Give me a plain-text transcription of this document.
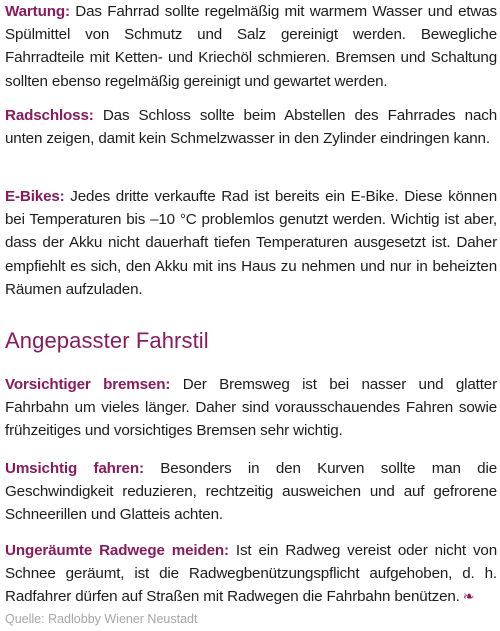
Wartung: Das Fahrrad sollte regelmäßig mit warmem Wasser und etwas Spülmittel von Schmutz und Salz gereinigt werden. Bewegliche Fahrradteile mit Ketten- und Kriechöl schmieren. Bremsen und Schaltung sollten ebenso regelmäßig gereinigt und gewartet werden.

Radschloss: Das Schloss sollte beim Abstellen des Fahrrades nach unten zeigen, damit kein Schmelzwasser in den Zylinder eindringen kann.

E-Bikes: Jedes dritte verkaufte Rad ist bereits ein E-Bike. Diese können bei Temperaturen bis –10 °C problemlos genutzt werden. Wichtig ist aber, dass der Akku nicht dauerhaft tiefen Temperaturen ausgesetzt ist. Daher empfiehlt es sich, den Akku mit ins Haus zu nehmen und nur in beheizten Räumen aufzuladen.

Angepasster Fahrstil

Vorsichtiger bremsen: Der Bremsweg ist bei nasser und glatter Fahrbahn um vieles länger. Daher sind vorausschauendes Fahren sowie frühzeitiges und vorsichtiges Bremsen sehr wichtig.

Umsichtig fahren: Besonders in den Kurven sollte man die Geschwindigkeit reduzieren, rechtzeitig ausweichen und auf gefrorene Schneerillen und Glatteis achten.

Ungeräumte Radwege meiden: Ist ein Radweg vereist oder nicht von Schnee geräumt, ist die Radwegbenützungspflicht aufgehoben, d. h. Radfahrer dürfen auf Straßen mit Radwegen die Fahrbahn benützen. ❧

Quelle: Radlobby Wiener Neustadt
